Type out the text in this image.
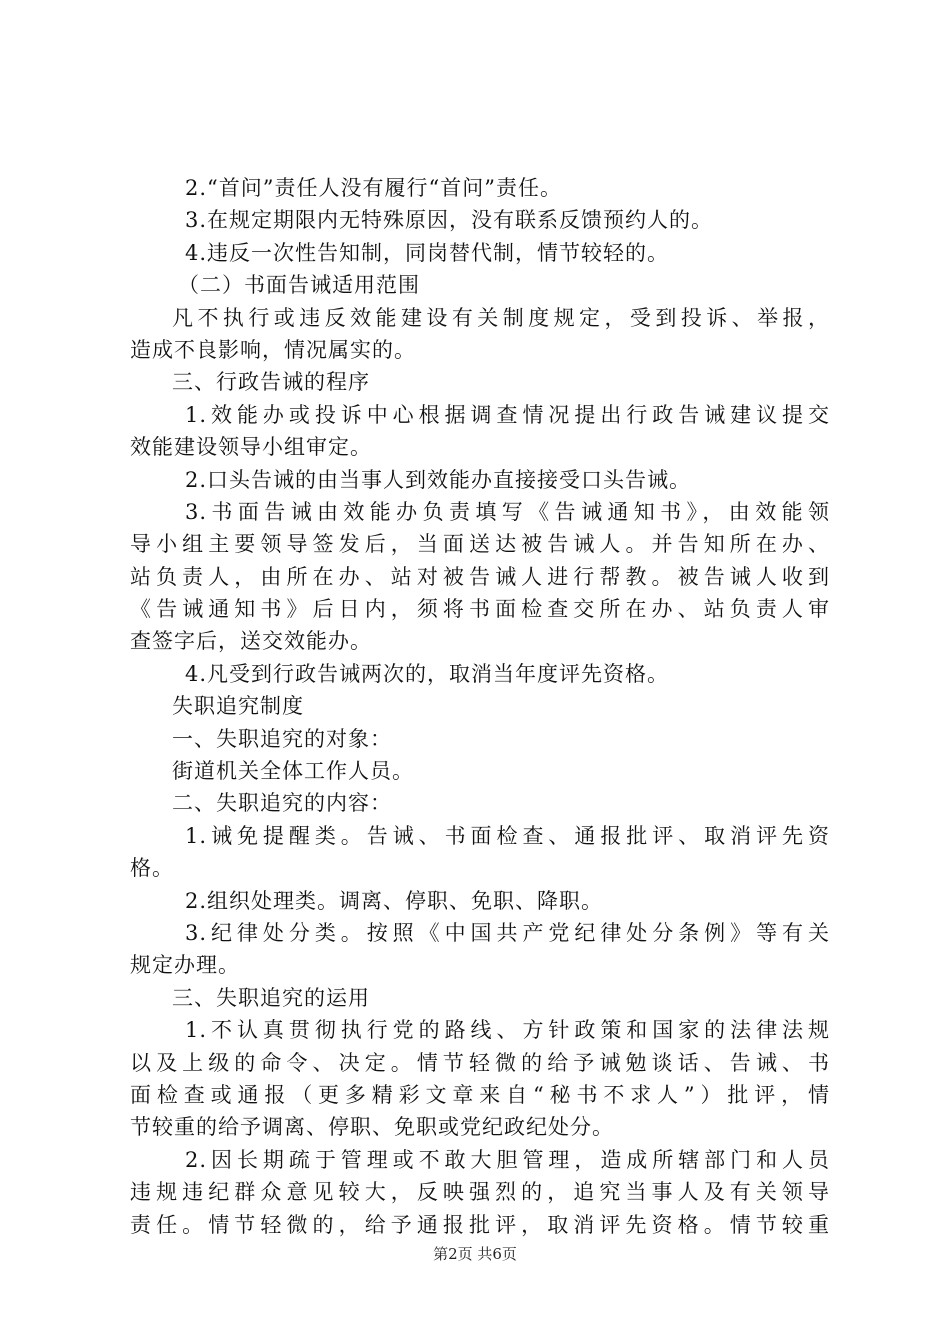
2.“首问”责任人没有履行“首问”责任。
3.在规定期限内无特殊原因，没有联系反馈预约人的。
4.违反一次性告知制，同岗替代制，情节较轻的。
（二）书面告诫适用范围
凡不执行或违反效能建设有关制度规定，受到投诉、举报，
造成不良影响，情况属实的。
三、行政告诫的程序
1.效能办或投诉中心根据调查情况提出行政告诫建议提交
效能建设领导小组审定。
2.口头告诫的由当事人到效能办直接接受口头告诫。
3.书面告诫由效能办负责填写《告诫通知书》，由效能领
导小组主要领导签发后，当面送达被告诫人。并告知所在办、
站负责人，由所在办、站对被告诫人进行帮教。被告诫人收到
《告诫通知书》后日内，须将书面检查交所在办、站负责人审
查签字后，送交效能办。
4.凡受到行政告诫两次的，取消当年度评先资格。
失职追究制度
一、失职追究的对象：
街道机关全体工作人员。
二、失职追究的内容：
1.诫免提醒类。告诫、书面检查、通报批评、取消评先资
格。
2.组织处理类。调离、停职、免职、降职。
3.纪律处分类。按照《中国共产党纪律处分条例》等有关
规定办理。
三、失职追究的运用
1.不认真贯彻执行党的路线、方针政策和国家的法律法规
以及上级的命令、决定。情节轻微的给予诫勉谈话、告诫、书
面检查或通报（更多精彩文章来自“秘书不求人”）批评，情
节较重的给予调离、停职、免职或党纪政纪处分。
2.因长期疏于管理或不敢大胆管理，造成所辖部门和人员
违规违纪群众意见较大，反映强烈的，追究当事人及有关领导
责任。情节轻微的，给予通报批评，取消评先资格。情节较重
第2页 共6页
